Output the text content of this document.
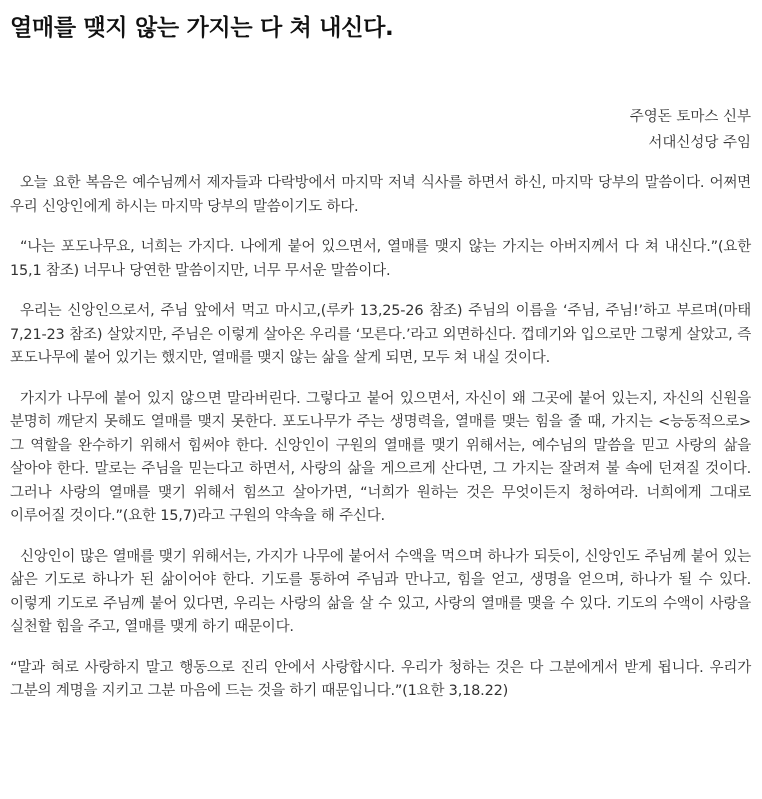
열매를 맺지 않는 가지는 다 쳐 내신다.
주영돈 토마스 신부
서대신성당 주임

오늘 요한 복음은 예수님께서 제자들과 다락방에서 마지막 저녁 식사를 하면서 하신, 마지막 당부의 말씀이다. 어쩌면 우리 신앙인에게 하시는 마지막 당부의 말씀이기도 하다.

“나는 포도나무요, 너희는 가지다. 나에게 붙어 있으면서, 열매를 맺지 않는 가지는 아버지께서 다 쳐 내신다.”(요한 15,1 참조) 너무나 당연한 말씀이지만, 너무 무서운 말씀이다.

우리는 신앙인으로서, 주님 앞에서 먹고 마시고,(루카 13,25-26 참조) 주님의 이름을 ‘주님, 주님!’하고 부르며(마태 7,21-23 참조) 살았지만, 주님은 이렇게 살아온 우리를 ‘모른다.’라고 외면하신다. 껍데기와 입으로만 그렇게 살았고, 즉 포도나무에 붙어 있기는 했지만, 열매를 맺지 않는 삶을 살게 되면, 모두 쳐 내실 것이다.

가지가 나무에 붙어 있지 않으면 말라버린다. 그렇다고 붙어 있으면서, 자신이 왜 그곳에 붙어 있는지, 자신의 신원을 분명히 깨닫지 못해도 열매를 맺지 못한다. 포도나무가 주는 생명력을, 열매를 맺는 힘을 줄 때, 가지는 <능동적으로> 그 역할을 완수하기 위해서 힘써야 한다. 신앙인이 구원의 열매를 맺기 위해서는, 예수님의 말씀을 믿고 사랑의 삶을 살아야 한다. 말로는 주님을 믿는다고 하면서, 사랑의 삶을 게으르게 산다면, 그 가지는 잘려져 불 속에 던져질 것이다. 그러나 사랑의 열매를 맺기 위해서 힘쓰고 살아가면, “너희가 원하는 것은 무엇이든지 청하여라. 너희에게 그대로 이루어질 것이다.”(요한 15,7)라고 구원의 약속을 해 주신다.

신앙인이 많은 열매를 맺기 위해서는, 가지가 나무에 붙어서 수액을 먹으며 하나가 되듯이, 신앙인도 주님께 붙어 있는 삶은 기도로 하나가 된 삶이어야 한다. 기도를 통하여 주님과 만나고, 힘을 얻고, 생명을 얻으며, 하나가 될 수 있다. 이렇게 기도로 주님께 붙어 있다면, 우리는 사랑의 삶을 살 수 있고, 사랑의 열매를 맺을 수 있다. 기도의 수액이 사랑을 실천할 힘을 주고, 열매를 맺게 하기 때문이다.

“말과 혀로 사랑하지 말고 행동으로 진리 안에서 사랑합시다. 우리가 청하는 것은 다 그분에게서 받게 됩니다. 우리가 그분의 계명을 지키고 그분 마음에 드는 것을 하기 때문입니다.”(1요한 3,18.22)
